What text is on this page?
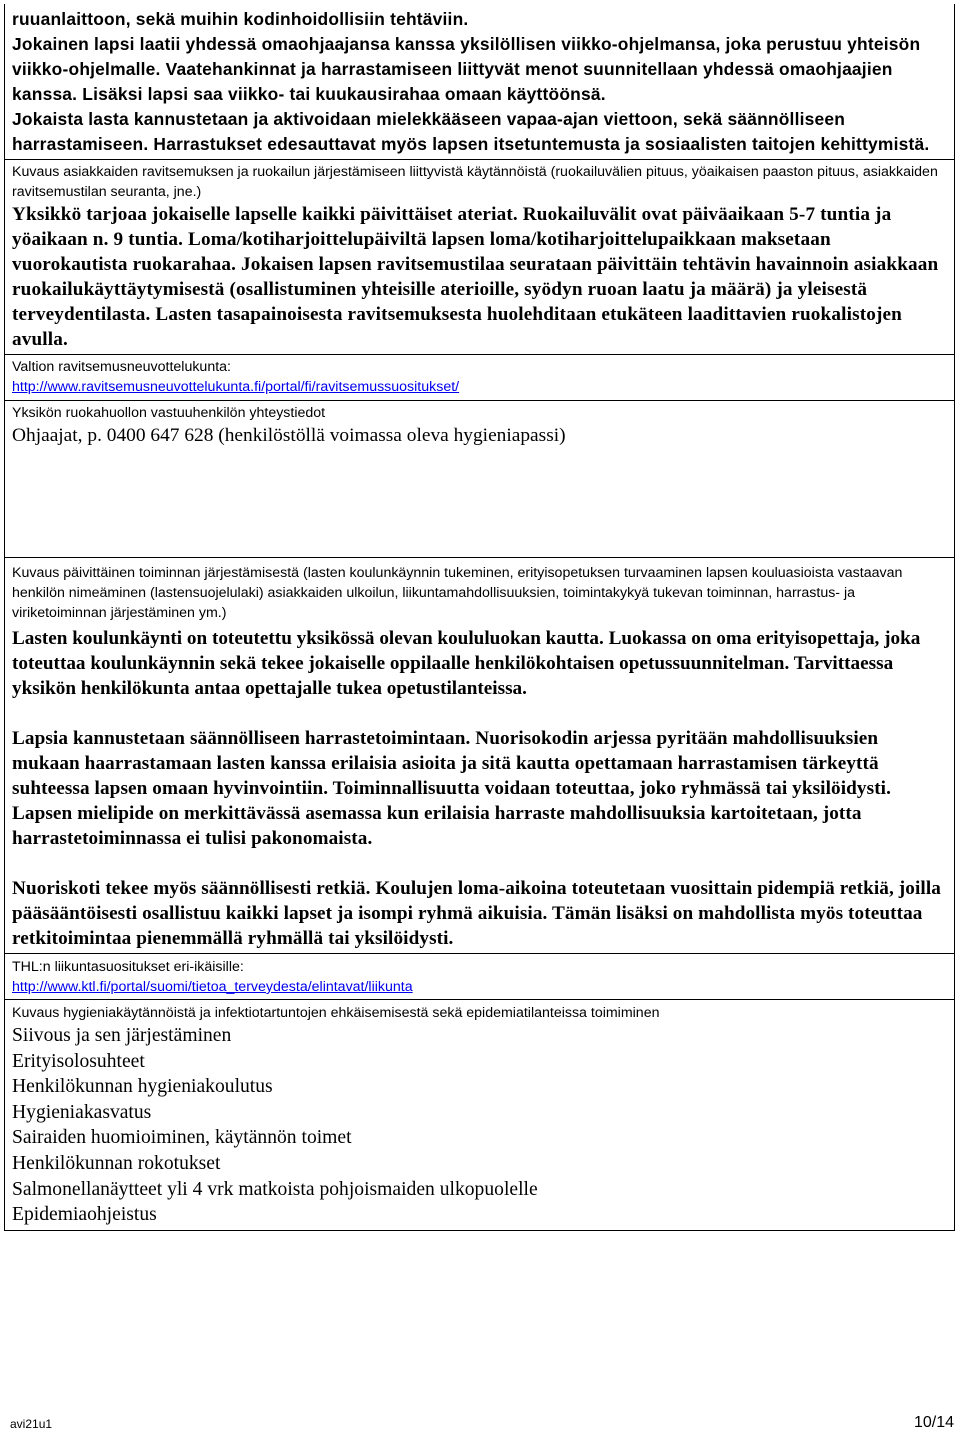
ruuanlaittoon, sekä muihin kodinhoidollisiin tehtäviin.
Jokainen lapsi laatii yhdessä omaohjaajansa kanssa yksilöllisen viikko-ohjelmansa, joka perustuu yhteisön viikko-ohjelmalle. Vaatehankinnat ja harrastamiseen liittyvät menot suunnitellaan yhdessä omaohjaajien kanssa. Lisäksi lapsi saa viikko- tai kuukausirahaa omaan käyttöönsä.
Jokaista lasta kannustetaan ja aktivoidaan mielekkääseen vapaa-ajan viettoon, sekä säännölliseen harrastamiseen. Harrastukset edesauttavat myös lapsen itsetuntemusta ja sosiaalisten taitojen kehittymistä.
Kuvaus asiakkaiden ravitsemuksen ja ruokailun järjestämiseen liittyvistä käytännöistä (ruokailuvälien pituus, yöaikaisen paaston pituus, asiakkaiden ravitsemustilan seuranta, jne.)
Yksikkö tarjoaa jokaiselle lapselle kaikki päivittäiset ateriat. Ruokailuvälit ovat päiväaikaan 5-7 tuntia ja yöaikaan n. 9 tuntia. Loma/kotiharjoittelupäiviltä lapsen loma/kotiharjoittelupaikkaan maksetaan vuorokautista ruokarahaa. Jokaisen lapsen ravitsemustilaa seurataan päivittäin tehtävin havainnoin asiakkaan ruokailukäyttäytymisestä (osallistuminen yhteisille aterioille, syödyn ruoan laatu ja määrä) ja yleisestä terveydentilasta. Lasten tasapainoisesta ravitsemuksesta huolehditaan etukäteen laadittavien ruokalistojen avulla.
Valtion ravitsemusneuvottelukunta:
http://www.ravitsemusneuvottelukunta.fi/portal/fi/ravitsemussuositukset/
Yksikön ruokahuollon vastuuhenkilön yhteystiedot
Ohjaajat, p. 0400 647 628 (henkilöstöllä voimassa oleva hygieniapassi)
Kuvaus päivittäinen toiminnan järjestämisestä (lasten koulunkäynnin tukeminen, erityisopetuksen turvaaminen lapsen kouluasioista vastaavan henkilön nimeäminen (lastensuojelulaki) asiakkaiden ulkoilun, liikuntamahdollisuuksien, toimintakykyä tukevan toiminnan, harrastus- ja viriketoiminnan järjestäminen ym.)
Lasten koulunkäynti on toteutettu yksikössä olevan koululuokan kautta. Luokassa on oma erityisopettaja, joka toteuttaa koulunkäynnin sekä tekee jokaiselle oppilaalle henkilökohtaisen opetussuunnitelman. Tarvittaessa yksikön henkilökunta antaa opettajalle tukea opetustilanteissa.
Lapsia kannustetaan säännölliseen harrastetoimintaan. Nuorisokodin arjessa pyritään mahdollisuuksien mukaan haarrastamaan lasten kanssa erilaisia asioita ja sitä kautta opettamaan harrastamisen tärkeyttä suhteessa lapsen omaan hyvinvointiin. Toiminnallisuutta voidaan toteuttaa, joko ryhmässä tai yksilöidysti. Lapsen mielipide on merkittävässä asemassa kun erilaisia harraste mahdollisuuksia kartoitetaan, jotta harrastetoiminnassa ei tulisi pakonomaista.
Nuoriskoti tekee myös säännöllisesti retkiä. Koulujen loma-aikoina toteutetaan vuosittain pidempiä retkiä, joilla pääsääntöisesti osallistuu kaikki lapset ja isompi ryhmä aikuisia. Tämän lisäksi on mahdollista myös toteuttaa retkitoimintaa pienemmällä ryhmällä tai yksilöidysti.
THL:n liikuntasuositukset eri-ikäisille:
http://www.ktl.fi/portal/suomi/tietoa_terveydesta/elintavat/liikunta
Kuvaus hygieniakäytännöistä ja infektiotartuntojen ehkäisemisestä sekä epidemiatilanteissa toimiminen
Siivous ja sen järjestäminen
Erityisolosuhteet
Henkilökunnan hygieniakoulutus
Hygieniakasvatus
Sairaiden huomioiminen, käytännön toimet
Henkilökunnan rokotukset
Salmonellanäytteet yli 4 vrk matkoista pohjoismaiden ulkopuolelle
Epidemiaohjeistus
avi21u1	10/14
